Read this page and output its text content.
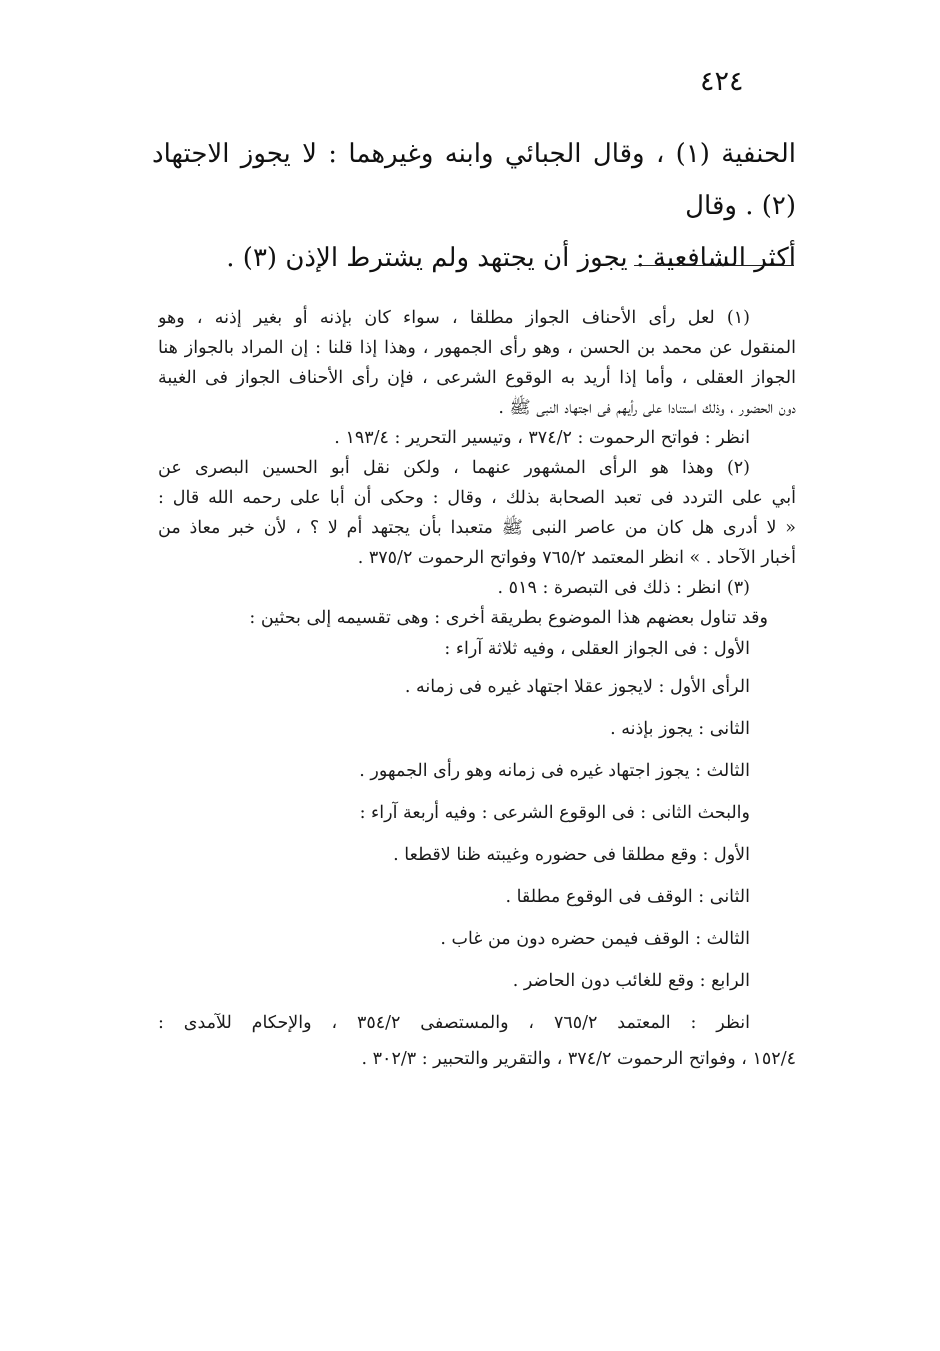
٤٢٤

الحنفية (١) ، وقال الجبائي وابنه وغيرهما : لا يجوز الاجتهاد (٢) . وقال

أكثر الشافعية : يجوز أن يجتهد ولم يشترط الإذن (٣) .

(١) لعل رأى الأحناف الجواز مطلقا ، سواء كان بإذنه أو بغير إذنه ، وهو
المنقول عن محمد بن الحسن ، وهو رأى الجمهور ، وهذا إذا قلنا : إن المراد بالجواز هنا
الجواز العقلى ، وأما إذا أريد به الوقوع الشرعى ، فإن رأى الأحناف الجواز فى الغيبة
دون الحضور ، وذلك استنادا على رأيهم فى اجتهاد النبى ﷺ .
انظر : فواتح الرحموت : ٣٧٤/٢ ، وتيسير التحرير : ١٩٣/٤ .
(٢) وهذا هو الرأى المشهور عنهما ، ولكن نقل أبو الحسين البصرى عن
أبي على التردد فى تعبد الصحابة بذلك ، وقال : وحكى أن أبا على رحمه الله قال :
« لا أدرى هل كان من عاصر النبى ﷺ متعبدا بأن يجتهد أم لا ؟ ، لأن خبر معاذ من
أخبار الآحاد . » انظر المعتمد ٧٦٥/٢ وفواتح الرحموت ٣٧٥/٢ .
(٣) انظر : ذلك فى التبصرة : ٥١٩ .
وقد تناول بعضهم هذا الموضوع بطريقة أخرى : وهى تقسيمه إلى بحثين :
الأول : فى الجواز العقلى ، وفيه ثلاثة آراء :
الرأى الأول : لايجوز عقلا اجتهاد غيره فى زمانه .
الثانى : يجوز بإذنه .
الثالث : يجوز اجتهاد غيره فى زمانه وهو رأى الجمهور .
والبحث الثانى : فى الوقوع الشرعى : وفيه أربعة آراء :
الأول : وقع مطلقا فى حضوره وغيبته ظنا لاقطعا .
الثانى : الوقف فى الوقوع مطلقا .
الثالث : الوقف فيمن حضره دون من غاب .
الرابع : وقع للغائب دون الحاضر .
انظر : المعتمد ٧٦٥/٢ ، والمستصفى ٣٥٤/٢ ، والإحكام للآمدى :
١٥٢/٤ ، وفواتح الرحموت ٣٧٤/٢ ، والتقرير والتحبير : ٣٠٢/٣ .
